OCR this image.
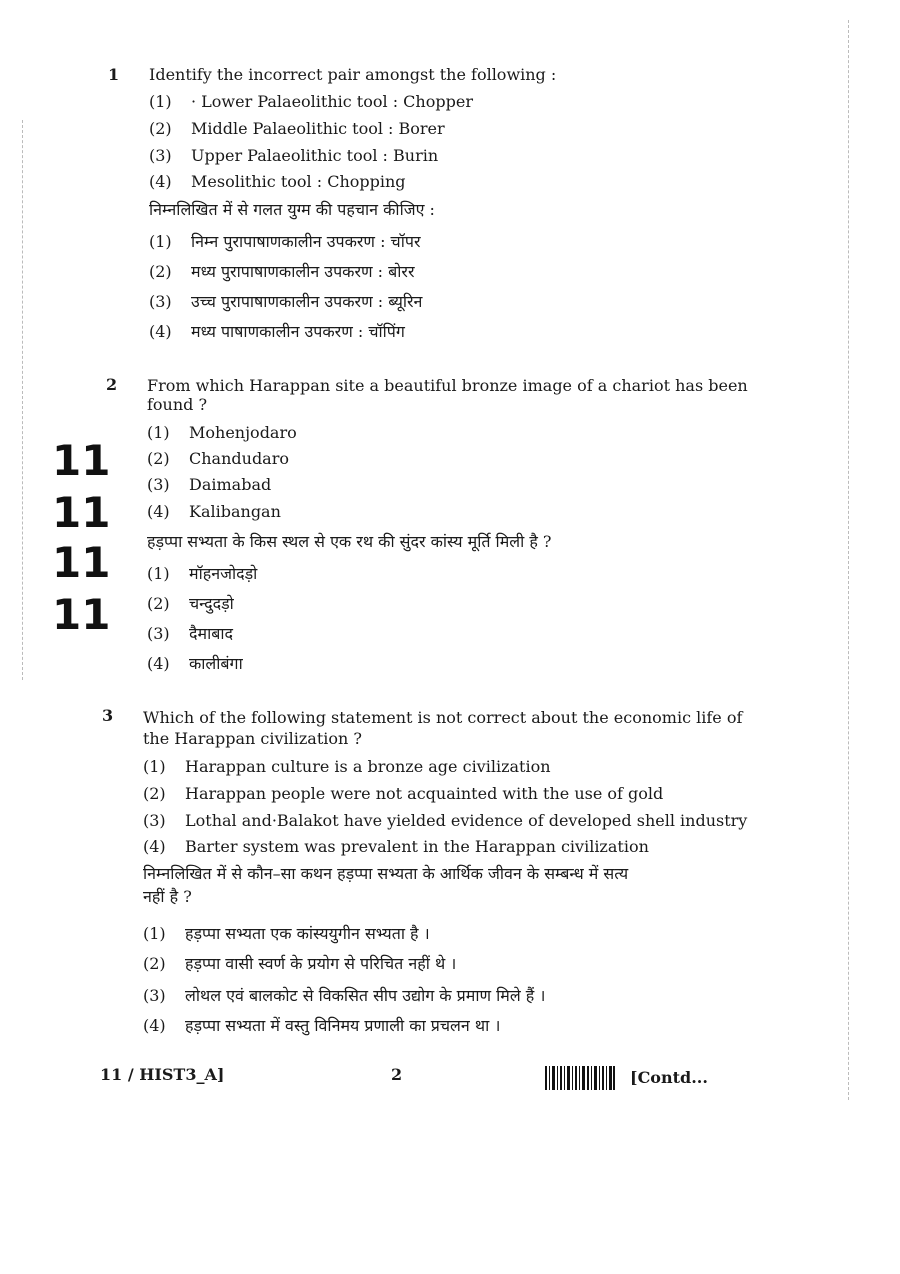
11
11
11
11
1 Identify the incorrect pair amongst the following :
(1) · Lower Palaeolithic tool : Chopper
(2) Middle Palaeolithic tool : Borer
(3) Upper Palaeolithic tool : Burin
(4) Mesolithic tool : Chopping
निम्नलिखित में से गलत युग्म की पहचान कीजिए :
(1) निम्न पुरापाषाणकालीन उपकरण : चॉपर
(2) मध्य पुरापाषाणकालीन उपकरण : बोरर
(3) उच्च पुरापाषाणकालीन उपकरण : ब्यूरिन
(4) मध्य पाषाणकालीन उपकरण : चॉपिंग
2 From which Harappan site a beautiful bronze image of a chariot has been
found ?
(1) Mohenjodaro
(2) Chandudaro
(3) Daimabad
(4) Kalibangan
हड़प्पा सभ्यता के किस स्थल से एक रथ की सुंदर कांस्य मूर्ति मिली है ?
(1) मॉहनजोदड़ो
(2) चन्दुदड़ो
(3) दैमाबाद
(4) कालीबंगा
3 Which of the following statement is not correct about the economic life of
the Harappan civilization ?
(1) Harappan culture is a bronze age civilization
(2) Harappan people were not acquainted with the use of gold
(3) Lothal and·Balakot have yielded evidence of developed shell industry
(4) Barter system was prevalent in the Harappan civilization
निम्नलिखित में से कौन–सा कथन हड़प्पा सभ्यता के आर्थिक जीवन के सम्बन्ध में सत्य
नहीं है ?
(1) हड़प्पा सभ्यता एक कांस्ययुगीन सभ्यता है ।
(2) हड़प्पा वासी स्वर्ण के प्रयोग से परिचित नहीं थे ।
(3) लोथल एवं बालकोट से विकसित सीप उद्योग के प्रमाण मिले हैं ।
(4) हड़प्पा सभ्यता में वस्तु विनिमय प्रणाली का प्रचलन था ।
11 / HIST3_A]	2	[Contd...
